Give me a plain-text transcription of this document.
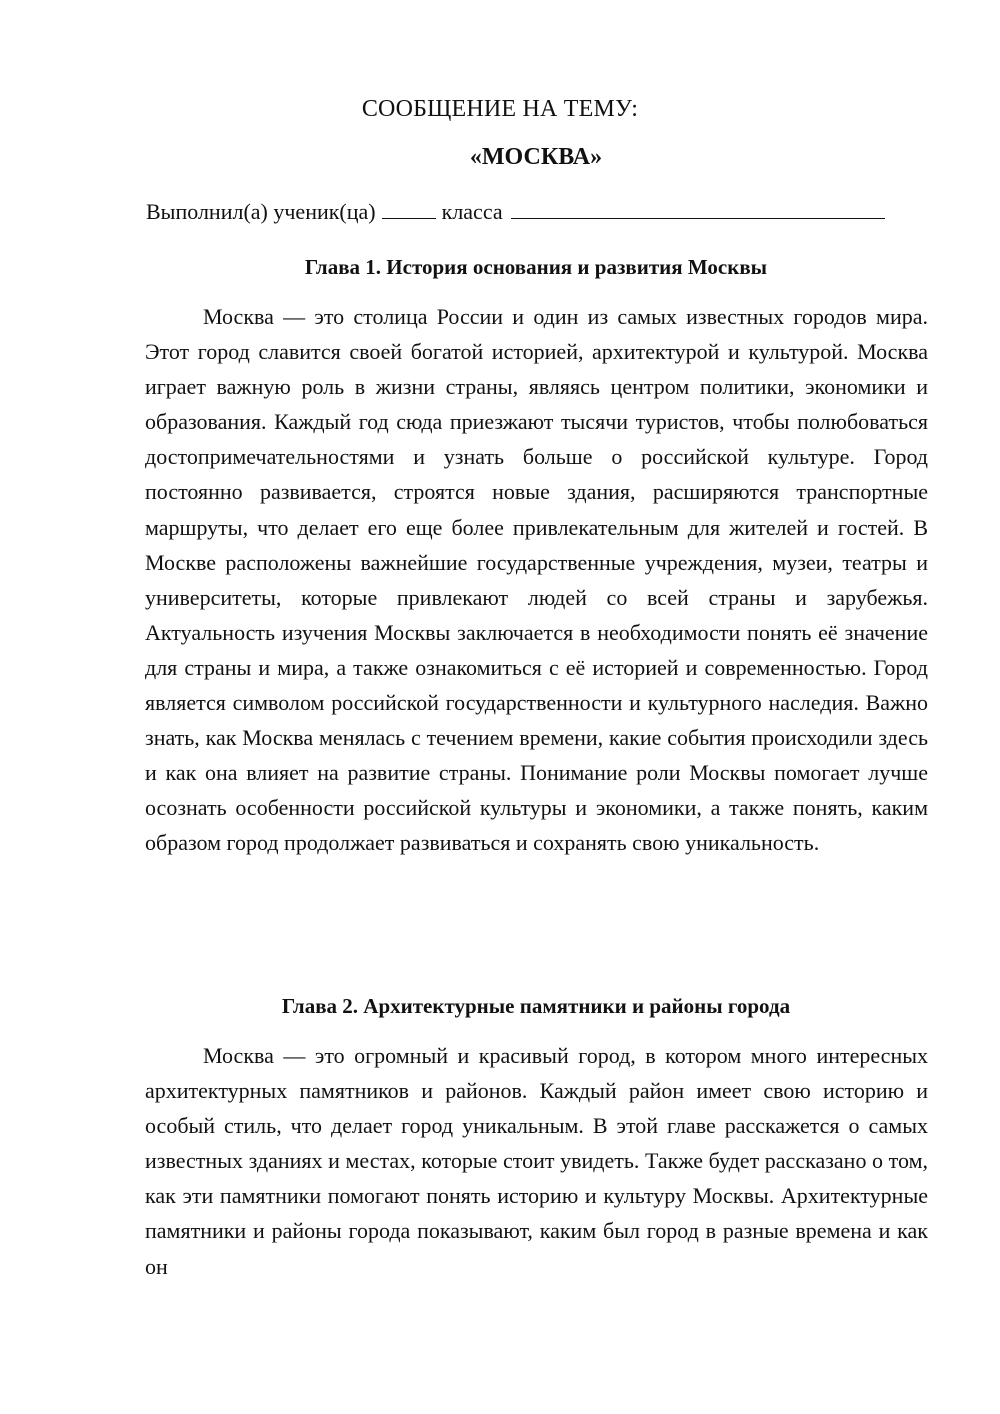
СООБЩЕНИЕ НА ТЕМУ:
«МОСКВА»
Выполнил(а) ученик(ца)	класса
Глава 1. История основания и развития Москвы
Москва — это столица России и один из самых известных городов мира. Этот город славится своей богатой историей, архитектурой и культурой. Москва играет важную роль в жизни страны, являясь центром политики, экономики и образования. Каждый год сюда приезжают тысячи туристов, чтобы полюбоваться достопримечательностями и узнать больше о российской культуре. Город постоянно развивается, строятся новые здания, расширяются транспортные маршруты, что делает его еще более привлекательным для жителей и гостей. В Москве расположены важнейшие государственные учреждения, музеи, театры и университеты, которые привлекают людей со всей страны и зарубежья. Актуальность изучения Москвы заключается в необходимости понять её значение для страны и мира, а также ознакомиться с её историей и современностью. Город является символом российской государственности и культурного наследия. Важно знать, как Москва менялась с течением времени, какие события происходили здесь и как она влияет на развитие страны. Понимание роли Москвы помогает лучше осознать особенности российской культуры и экономики, а также понять, каким образом город продолжает развиваться и сохранять свою уникальность.
Глава 2. Архитектурные памятники и районы города
Москва — это огромный и красивый город, в котором много интересных архитектурных памятников и районов. Каждый район имеет свою историю и особый стиль, что делает город уникальным. В этой главе расскажется о самых известных зданиях и местах, которые стоит увидеть. Также будет рассказано о том, как эти памятники помогают понять историю и культуру Москвы. Архитектурные памятники и районы города показывают, каким был город в разные времена и как он
